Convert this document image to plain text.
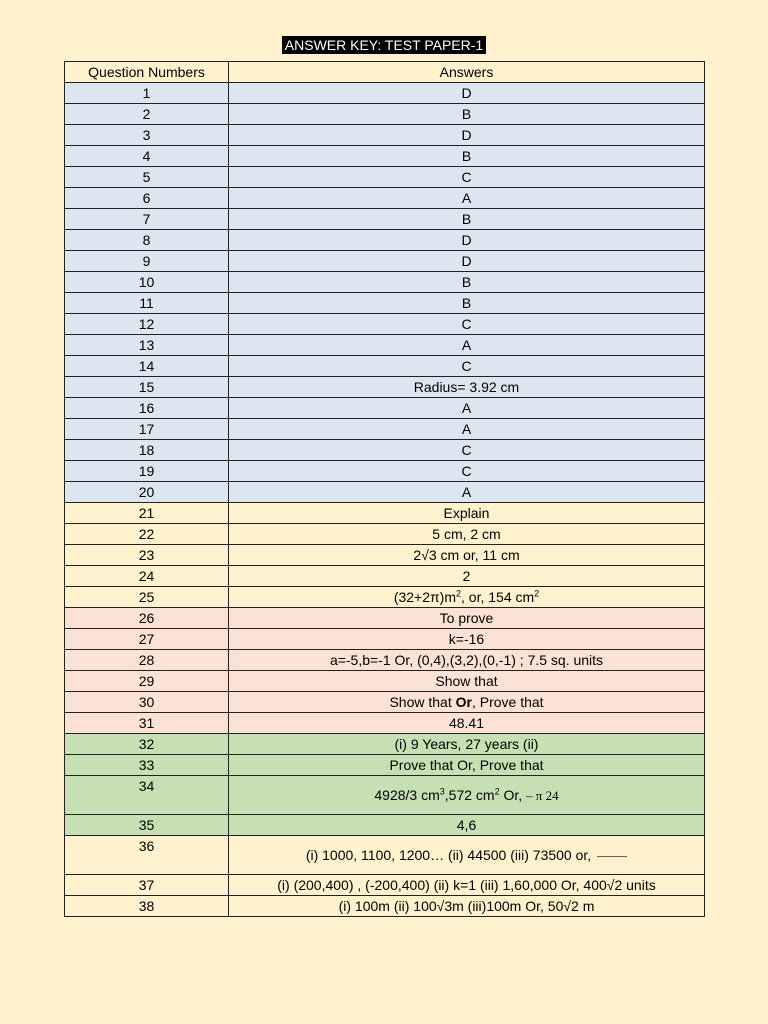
ANSWER KEY: TEST PAPER-1
Question Numbers	Answers
1	D
2	B
3	D
4	B
5	C
6	A
7	B
8	D
9	D
10	B
11	B
12	C
13	A
14	C
15	Radius= 3.92 cm
16	A
17	A
18	C
19	C
20	A
21	Explain
22	5 cm, 2 cm
23	2√3 cm or, 11 cm
24	2
25	$(32+2\pi)m^2$, or, 154 $cm^2$
26	To prove
27	k=-16
28	a=-5,b=-1 Or, (0,4),(3,2),(0,-1) ; 7.5 sq. units
29	Show that
30	Show that Or, Prove that
31	48.41
32	(i) 9 Years, 27 years (ii)
33	Prove that Or, Prove that
34	4928/3 $cm^3,572$ $cm^2$ Or, – π 24
35	4,6
36	(i) 1000, 1100, 1200… (ii) 44500 (iii) 73500 or,
37	(i) (200,400) , (-200,400) (ii) k=1 (iii) 1,60,000 Or, 400√2 units
38	(i) 100m (ii) 100√3m (iii)100m Or, 50√2 m
